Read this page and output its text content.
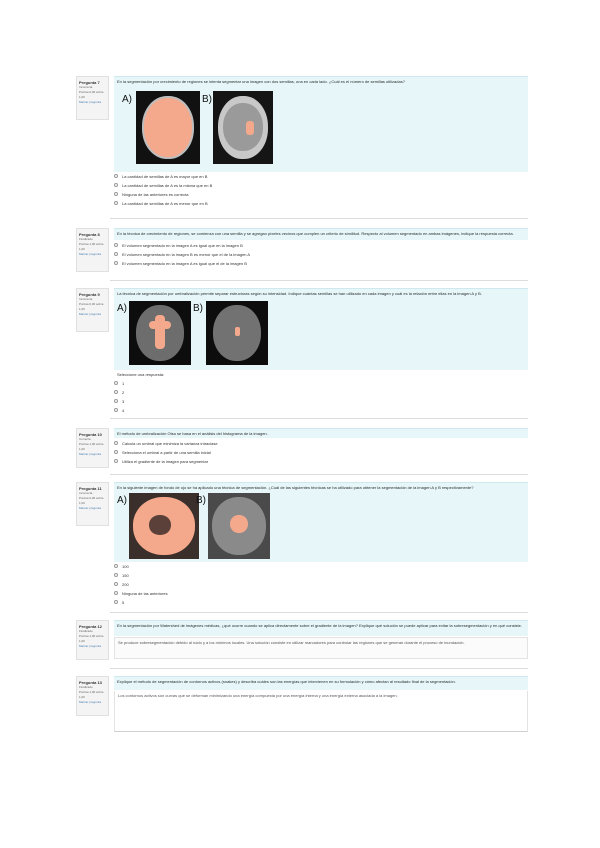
Pregunta 7
Incorrecta
Puntúa 0,00 sobre 1,00
Marcar pregunta
En la segmentación por crecimiento de regiones se intenta segmentar una imagen con dos semillas, una en cada lado. ¿Cuál es el número de semillas utilizadas?
A)	B)
La cantidad de semillas de A es mayor que en B
La cantidad de semillas de A es la misma que en B
Ninguna de las anteriores es correcta
La cantidad de semillas de A es menor que en B
Pregunta 8
Finalizado
Puntúa 1,00 sobre 1,00
Marcar pregunta
En la técnica de crecimiento de regiones, se comienza con una semilla y se agregan píxeles vecinos que cumplen un criterio de similitud. Respecto al volumen segmentado en ambas imágenes, indique la respuesta correcta.
El volumen segmentado en la imagen A es igual que en la imagen B
El volumen segmentado en la imagen B es menor que el de la imagen A
El volumen segmentado en la imagen A es igual que el de la imagen B
Pregunta 9
Incorrecta
Puntúa 0,00 sobre 1,00
Marcar pregunta
La técnica de segmentación por umbralización permite separar estructuras según su intensidad. Indique cuántas semillas se han utilizado en cada imagen y cuál es la relación entre ellas en la imagen A y B.
A)	B)
Seleccione una respuesta:
1
2
3
4
Pregunta 10
Correcta
Puntúa 1,00 sobre 1,00
Marcar pregunta
El método de umbralización Otsu se basa en el análisis del histograma de la imagen.
Calcula un umbral que minimiza la varianza intraclase
Selecciona el umbral a partir de una semilla inicial
Utiliza el gradiente de la imagen para segmentar
Pregunta 11
Incorrecta
Puntúa 0,00 sobre 1,00
Marcar pregunta
En la siguiente imagen de fondo de ojo se ha aplicado una técnica de segmentación. ¿Cuál de las siguientes técnicas se ha utilizado para obtener la segmentación de la imagen A y B respectivamente?
A)	B)
100
150
200
Ninguna de las anteriores
5
Pregunta 12
Finalizado
Puntúa 1,00 sobre 1,00
Marcar pregunta
En la segmentación por Watershed de imágenes médicas, ¿qué ocurre cuando se aplica directamente sobre el gradiente de la imagen? Explique qué solución se puede aplicar para evitar la sobresegmentación y en qué consiste.
Se produce sobresegmentación debido al ruido y a los mínimos locales. Una solución consiste en utilizar marcadores para controlar las regiones que se generan durante el proceso de inundación.
Pregunta 13
Finalizado
Puntúa 1,00 sobre 1,00
Marcar pregunta
Explique el método de segmentación de contornos activos (snakes) y describa cuáles son las energías que intervienen en su formulación y cómo afectan al resultado final de la segmentación.
Los contornos activos son curvas que se deforman minimizando una energía compuesta por una energía interna y una energía externa asociada a la imagen.
